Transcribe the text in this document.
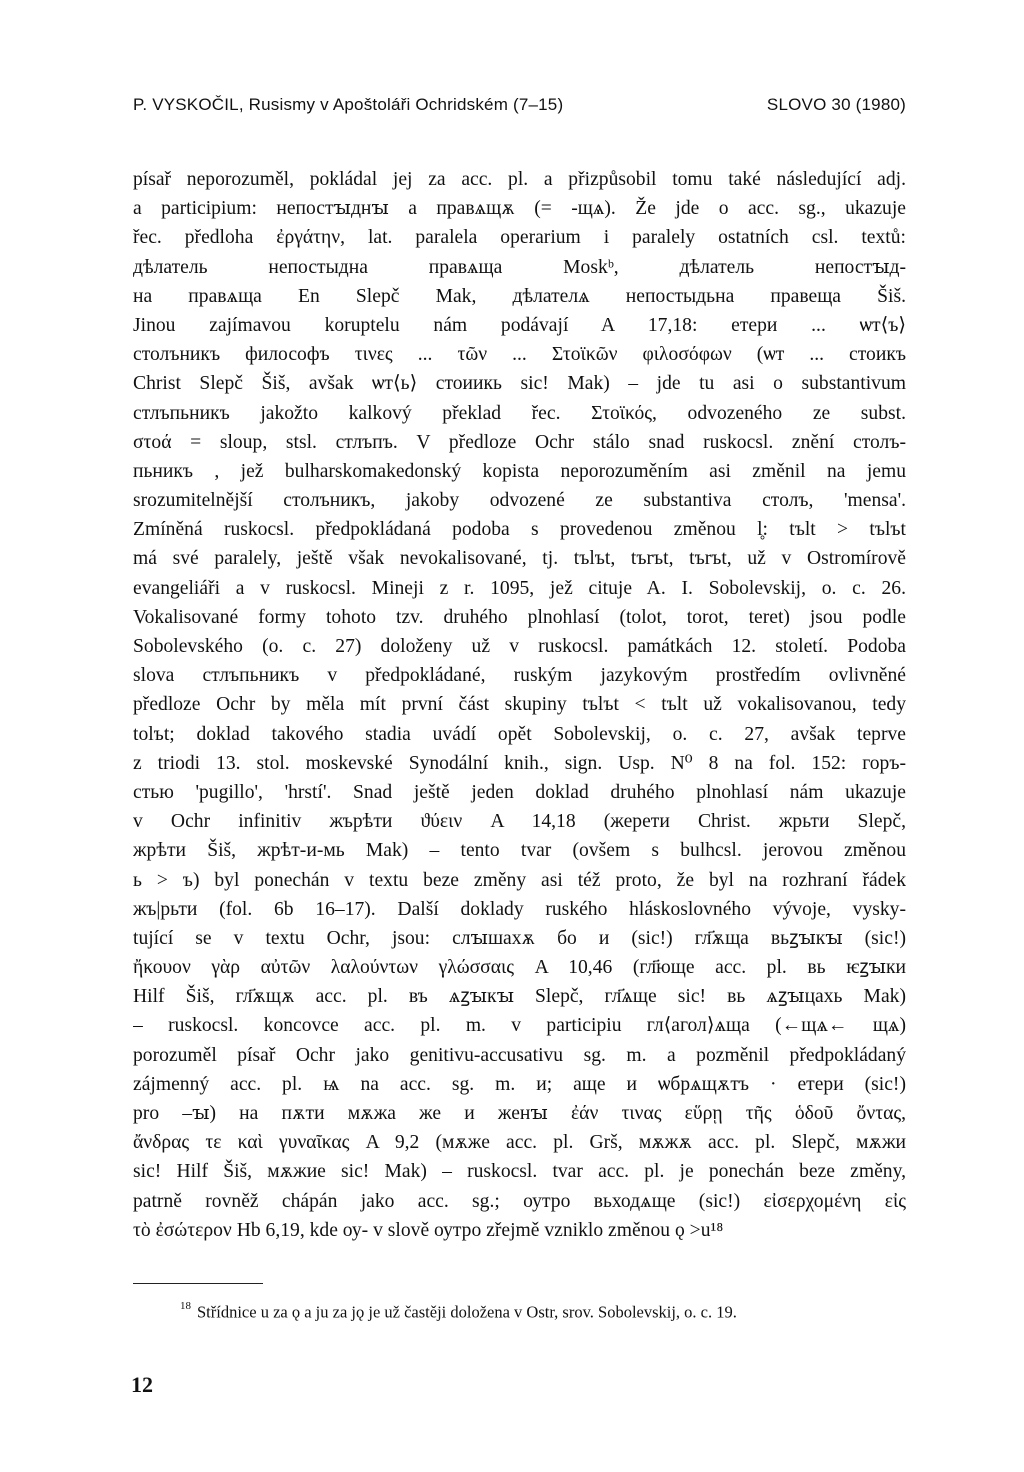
P. VYSKOČIL, Rusismy v Apoštoláři Ochridském (7–15)	SLOVO 30 (1980)
písař neporozuměl, pokládal jej za acc. pl. a přizpůsobil tomu také následující adj.
a participium: непостꙑднꙑ a правѧщѫ (= -щѧ). Že jde o acc. sg., ukazuje
řec. předloha ἐργάτην, lat. paralela operarium i paralely ostatních csl. textů:
дѣлатель непостыдна правѧща Moskᵇ, дѣлатель непостꙑд-
на правѧща En Slepč Mak, дѣлателѧ непостыдьна правеща Šiš.
Jinou zajímavou koruptelu nám podávají A 17,18: етери ... ѡт⟨ъ⟩
столъникъ философъ τινες ... τῶν ... Στοϊκῶν φιλοσόφων (ѡт ... стоикъ
Christ Slepč Šiš, avšak ѡт⟨ь⟩ стоиикь sic! Mak) – jde tu asi o substantivum
стлъпьникъ jakožto kalkový překlad řec. Στοϊκός, odvozeného ze subst.
στοά = sloup, stsl. стлъпъ. V předloze Ochr stálo snad ruskocsl. znění столъ-
пьникъ , jež bulharskomakedonský kopista neporozuměním asi změnil na jemu
srozumitelnější столъникъ, jakoby odvozené ze substantiva столъ, 'mensa'.
Zmíněná ruskocsl. předpokládaná podoba s provedenou změnou l̥: tъlt > tъlъt
má své paralely, ještě však nevokalisované, tj. tъlъt, tъrъt, tъrъt, už v Ostromírově
evangeliáři a v ruskocsl. Mineji z r. 1095, jež cituje A. I. Sobolevskij, o. c. 26.
Vokalisované formy tohoto tzv. druhého plnohlasí (tolot, torot, teret) jsou podle
Sobolevského (o. c. 27) doloženy už v ruskocsl. památkách 12. století. Podoba
slova стлъпьникъ v předpokládané, ruským jazykovým prostředím ovlivněné
předloze Ochr by měla mít první část skupiny tъlъt < tъlt už vokalisovanou, tedy
tolъt; doklad takového stadia uvádí opět Sobolevskij, o. c. 27, avšak teprve
z triodi 13. stol. moskevské Synodální knih., sign. Usp. N⁰ 8 na fol. 152: горъ-
стью 'pugillo', 'hrstí'. Snad ještě jeden doklad druhého plnohlasí nám ukazuje
v Ochr infinitiv жърѣти ϑύειν A 14,18 (жерети Christ. жрьти Slepč,
жрѣти Šiš, жрѣт-и-мь Mak) – tento tvar (ovšem s bulhcsl. jerovou změnou
ь > ъ) byl ponechán v textu beze změny asi též proto, že byl na rozhraní řádek
жъ|рьти (fol. 6b 16–17). Další doklady ruského hláskoslovného vývoje, vysky-
tující se v textu Ochr, jsou: слꙑшахѫ бо и (sic!) гл҃ѫща вьꙁꙑкꙑ (sic!)
ἤκουον γὰρ αὐτῶν λαλούντων γλώσσαις A 10,46 (гл҃юще acc. pl. вь ѥꙁꙑки
Hilf Šiš, гл҃ѫщѫ acc. pl. въ ѧꙁꙑкꙑ Slepč, гл҃ѧще sic! вь ѧꙁꙑцахь Mak)
– ruskocsl. koncovce acc. pl. m. v participiu гл⟨агол⟩ѧща (←щѧ← щѧ)
porozuměl písař Ochr jako genitivu-accusativu sg. m. a pozměnil předpokládaný
zájmenný acc. pl. ѩ na acc. sg. m. и; аще и ѡбрѧщѫтъ · етери (sic!)
pro –ꙑ) на пѫти мѫжа же и женꙑ ἐάν τινας εὕρῃ τῆς ὁδοῦ ὄντας,
ἄνδρας τε καὶ γυναῖκας A 9,2 (мѫже acc. pl. Grš, мѫжѫ acc. pl. Slepč, мѫжи
sic! Hilf Šiš, мѫжие sic! Mak) – ruskocsl. tvar acc. pl. je ponechán beze změny,
patrně rovněž chápán jako acc. sg.; оутро вьходѧще (sic!) εἰσερχομένη εἰς
τὸ ἐσώτερον Hb 6,19, kde оу- v slově оутро zřejmě vzniklo změnou ǫ >u¹⁸
$^{18}$ Střídnice u za ǫ a ju za jǫ je už častěji doložena v Ostr, srov. Sobolevskij, o. c. 19.
12
